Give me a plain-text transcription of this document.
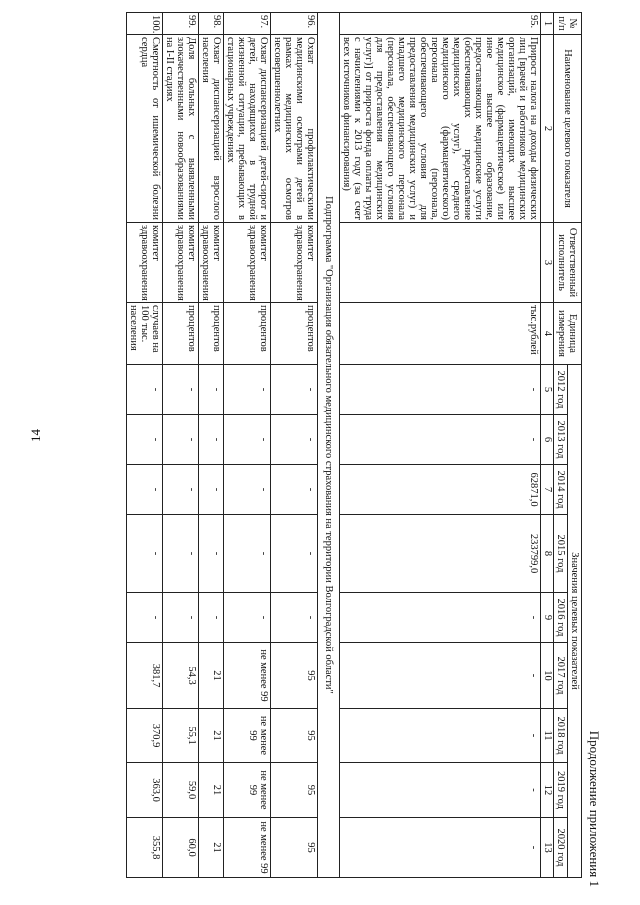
14
Продолжение приложения 1
№ п/п	Наименование целевого показателя	Ответственный исполнитель	Единица измерения	Значения целевых показателей								
				2012 год	2013 год	2014 год	2015 год	2016 год	2017 год	2018 год	2019 год	2020 год
1	2	3	4	5	6	7	8	9	10	11	12	13
95.	Прирост налога на доходы физических лиц [врачей и работников медицинских организаций, имеющих высшее медицинское (фармацевтическое) или иное высшее образование, предоставляющих медицинские услуги (обеспечивающих предоставление медицинских услуг), среднего медицинского (фармацевтического) персонала (персонала, обеспечивающего условия для предоставления медицинских услуг) и младшего медицинского персонала (персонала, обеспечивающего условия для предоставления медицинских услуг)] от прироста фонда оплаты труда с начислениями к 2013 году (за счет всех источников финансирования)		тыс.рублей	-	-	62871,0	233799,0	-	-	-	-	-
Подпрограмма "Организация обязательного медицинского страхования на территории Волгоградской области"												
96.	Охват профилактическими медицинскими осмотрами детей в рамках медицинских осмотров несовершеннолетних	комитет здравоохранения	процентов	-	-	-	-	-	95	95	95	95
97.	Охват диспансеризацией детей-сирот и детей, находящихся в трудной жизненной ситуации, пребывающих в стационарных учреждениях	комитет здравоохранения	процентов	-	-	-	-	-	не менее 99	не менее 99	не менее 99	не менее 99
98.	Охват диспансеризацией взрослого населения	комитет здравоохранения	процентов	-	-	-	-	-	21	21	21	21
99.	Доля больных с выявленными злокачественными новообразованиями на I-II стадиях	комитет здравоохранения	процентов	-	-	-	-	-	54,3	55,1	59,0	60,0
100.	Смертность от ишемической болезни сердца	комитет здравоохранения	случаев на 100 тыс. населения	-	-	-	-	-	381,7	370,9	363,0	355,8
